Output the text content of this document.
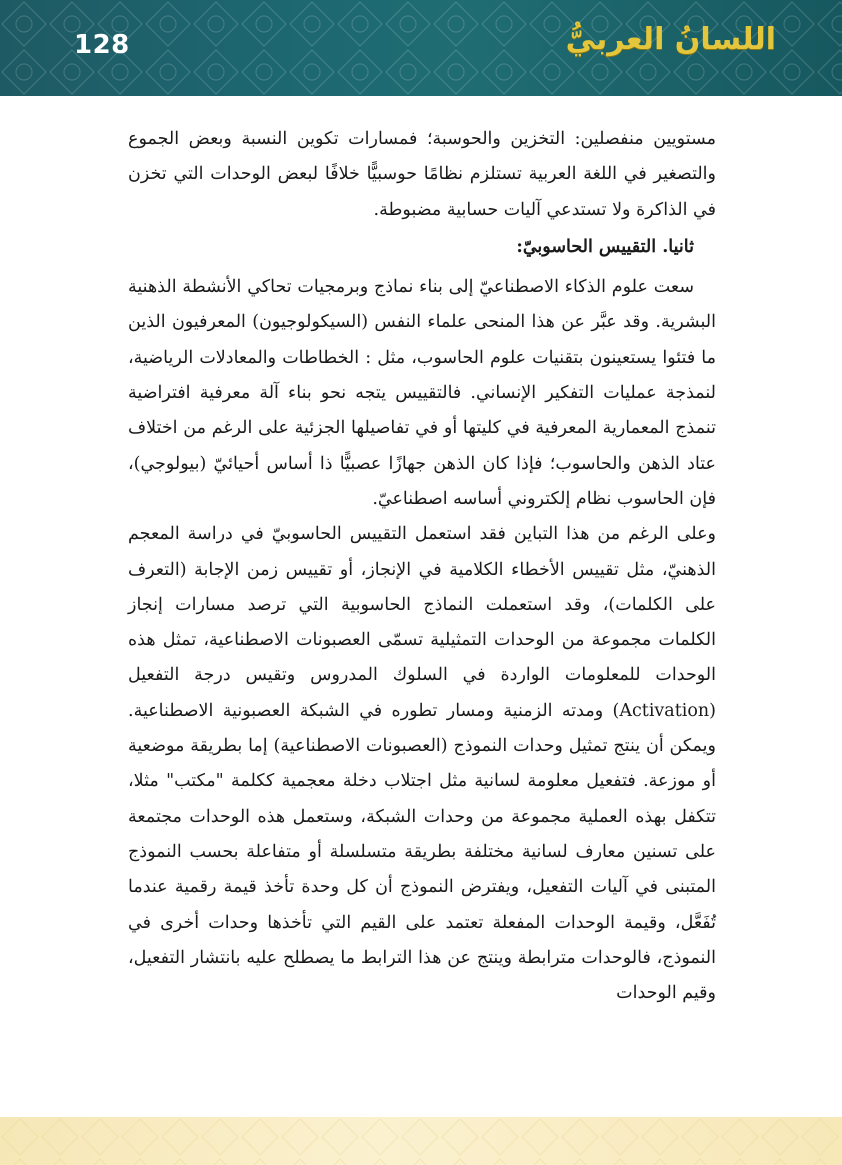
128	اللسانُ العربيُّ

مستويين منفصلين: التخزين والحوسبة؛ فمسارات تكوين النسبة وبعض الجموع والتصغير في اللغة العربية تستلزم نظامًا حوسبيًّا خلافًا لبعض الوحدات التي تخزن في الذاكرة ولا تستدعي آليات حسابية مضبوطة.

ثانيا. التقييس الحاسوبيّ:

سعت علوم الذكاء الاصطناعيّ إلى بناء نماذج وبرمجيات تحاكي الأنشطة الذهنية البشرية. وقد عبَّر عن هذا المنحى علماء النفس (السيكولوجيون) المعرفيون الذين ما فتئوا يستعينون بتقنيات علوم الحاسوب، مثل : الخطاطات والمعادلات الرياضية، لنمذجة عمليات التفكير الإنساني. فالتقييس يتجه نحو بناء آلة معرفية افتراضية تنمذج المعمارية المعرفية في كليتها أو في تفاصيلها الجزئية على الرغم من اختلاف عتاد الذهن والحاسوب؛ فإذا كان الذهن جهازًا عصبيًّا ذا أساس أحيائيّ (بيولوجي)، فإن الحاسوب نظام إلكتروني أساسه اصطناعيّ.

وعلى الرغم من هذا التباين فقد استعمل التقييس الحاسوبيّ في دراسة المعجم الذهنيّ، مثل تقييس الأخطاء الكلامية في الإنجاز، أو تقييس زمن الإجابة (التعرف على الكلمات)، وقد استعملت النماذج الحاسوبية التي ترصد مسارات إنجاز الكلمات مجموعة من الوحدات التمثيلية تسمّى العصبونات الاصطناعية، تمثل هذه الوحدات للمعلومات الواردة في السلوك المدروس وتقيس درجة التفعيل (Activation) ومدته الزمنية ومسار تطوره في الشبكة العصبونية الاصطناعية. ويمكن أن ينتج تمثيل وحدات النموذج (العصبونات الاصطناعية) إما بطريقة موضعية أو موزعة. فتفعيل معلومة لسانية مثل اجتلاب دخلة معجمية ككلمة "مكتب" مثلا، تتكفل بهذه العملية مجموعة من وحدات الشبكة، وستعمل هذه الوحدات مجتمعة على تسنين معارف لسانية مختلفة بطريقة متسلسلة أو متفاعلة بحسب النموذج المتبنى في آليات التفعيل، ويفترض النموذج أن كل وحدة تأخذ قيمة رقمية عندما تُفَعَّل، وقيمة الوحدات المفعلة تعتمد على القيم التي تأخذها وحدات أخرى في النموذج، فالوحدات مترابطة وينتج عن هذا الترابط ما يصطلح عليه بانتشار التفعيل، وقيم الوحدات
